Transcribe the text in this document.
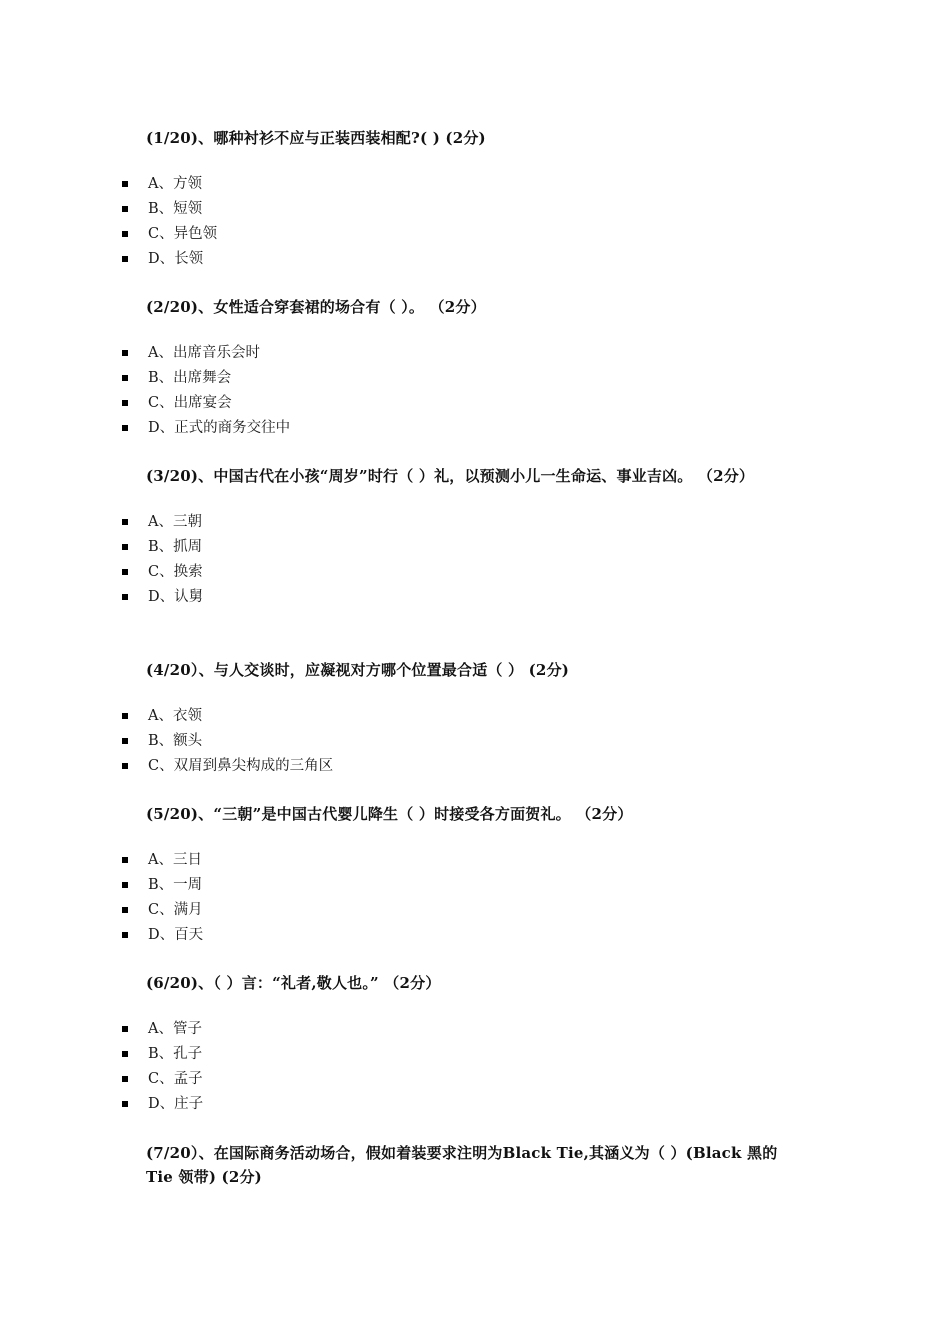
(1/20)、哪种衬衫不应与正装西装相配?( ) (2分)

A、方领
B、短领
C、异色领
D、长领

(2/20)、女性适合穿套裙的场合有（ ）。 （2分）

A、出席音乐会时
B、出席舞会
C、出席宴会
D、正式的商务交往中

(3/20)、中国古代在小孩“周岁”时行（ ）礼，以预测小儿一生命运、事业吉凶。 （2分）

A、三朝
B、抓周
C、换索
D、认舅

(4/20）、与人交谈时，应凝视对方哪个位置最合适（ ） (2分)

A、衣领
B、额头
C、双眉到鼻尖构成的三角区

(5/20)、“三朝”是中国古代婴儿降生（ ）时接受各方面贺礼。 （2分）

A、三日
B、一周
C、满月
D、百天

(6/20)、（ ）言：“礼者,敬人也。” （2分）

A、管子
B、孔子
C、孟子
D、庄子

(7/20）、在国际商务活动场合，假如着装要求注明为Black Tie,其涵义为（ ）(Black 黑的 Tie 领带) (2分)
